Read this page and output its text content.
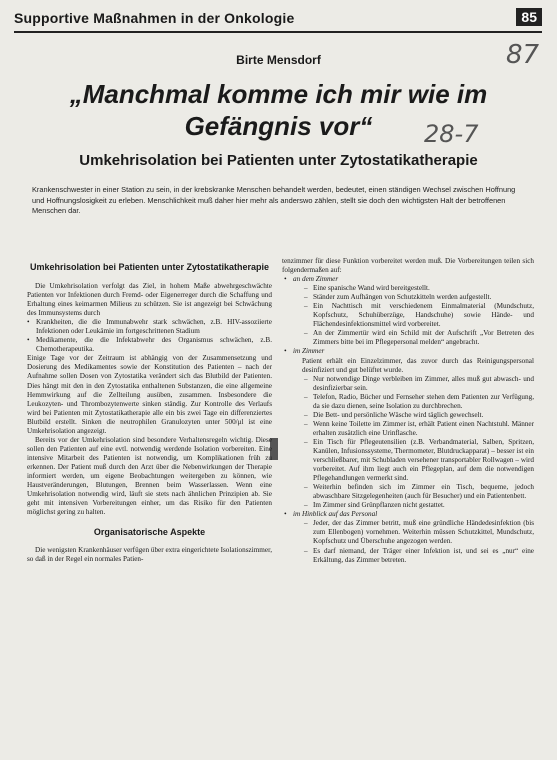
Supportive Maßnahmen in der Onkologie	85
87
28-7
Birte Mensdorf
„Manchmal komme ich mir wie im
Gefängnis vor“
Umkehrisolation bei Patienten unter Zytostatikatherapie
Krankenschwester in einer Station zu sein, in der krebskranke Menschen behandelt werden, bedeutet, einen ständigen Wechsel zwischen Hoffnung und Hoffnungslosigkeit zu erleben. Menschlichkeit muß daher hier mehr als anderswo zählen, stellt sie doch den wichtigsten Halt der betroffenen Menschen dar.
Umkehrisolation bei Patienten unter Zytostatikatherapie

Die Umkehrisolation verfolgt das Ziel, in hohem Maße abwehrgeschwächte Patienten vor Infektionen durch Fremd- oder Eigenerreger durch die Schaffung und Erhaltung eines keimarmen Milieus zu schützen. Sie ist angezeigt bei Schwächung des Immunsystems durch

• Krankheiten, die die Immunabwehr stark schwächen, z.B. HIV-assoziierte Infektionen oder Leukämie im fortgeschrittenen Stadium
• Medikamente, die die Infektabwehr des Organismus schwächen, z.B. Chemotherapeutika.

Einige Tage vor der Zeitraum ist abhängig von der Zusammensetzung und Dosierung des Medikamentes sowie der Konstitution des Patienten – nach der Aufnahme sollen Dosen von Zytostatika verändert sich das Blutbild der Patienten. Dies hängt mit den in den Zytostatika enthaltenen Substanzen, die eine allgemeine Hemmwirkung auf die Zellteilung ausüben, zusammen. Insbesondere die Leukozyten- und Thrombozytenwerte sinken ständig. Zur Kontrolle des Verlaufs wird bei Patienten mit Zytostatikatherapie alle ein bis zwei Tage ein differenziertes Blutbild erstellt. Sinken die neutrophilen Granulozyten unter 500/μl ist eine Umkehrisolation angezeigt.

Bereits vor der Umkehrisolation sind besondere Verhaltensregeln wichtig. Diese sollen den Patienten auf eine evtl. notwendig werdende Isolation vorbereiten. Eine intensive Mitarbeit des Patienten ist notwendig, um Komplikationen früh zu erkennen. Der Patient muß durch den Arzt über die Nebenwirkungen der Therapie informiert werden, um eigene Beobachtungen weitergeben zu können, wie Haustveränderungen, Blutungen, Brennen beim Wasserlassen. Wenn eine Umkehrisolation notwendig wird, läuft sie stets nach ähnlichen Prinzipien ab. Sie geht mit intensiven Vorbereitungen einher, um das Risiko für den Patienten möglichst gering zu halten.

Organisatorische Aspekte

Die wenigsten Krankenhäuser verfügen über extra eingerichtete Isolationszimmer, so daß in der Regel ein normales Patien-

tenzimmer für diese Funktion vorbereitet werden muß. Die Vorbereitungen teilen sich folgendermaßen auf:

• an dem Zimmer
– Eine spanische Wand wird bereitgestellt.
– Ständer zum Aufhängen von Schutzkitteln werden aufgestellt.
– Ein Nachttisch mit verschiedenem Einmalmaterial (Mundschutz, Kopfschutz, Schuhüberzüge, Handschuhe) sowie Hände- und Flächendesinfektionsmittel wird vorbereitet.
– An der Zimmertür wird ein Schild mit der Aufschrift „Vor Betreten des Zimmers bitte bei im Pflegepersonal melden“ angebracht.
• im Zimmer

Patient erhält ein Einzelzimmer, das zuvor durch das Reinigungspersonal desinfiziert und gut belüftet wurde.

– Nur notwendige Dinge verbleiben im Zimmer, alles muß gut abwasch- und desinfizierbar sein.
– Telefon, Radio, Bücher und Fernseher stehen dem Patienten zur Verfügung, da sie dazu dienen, seine Isolation zu durchbrechen.
– Die Bett- und persönliche Wäsche wird täglich gewechselt.
– Wenn keine Toilette im Zimmer ist, erhält Patient einen Nachtstuhl. Männer erhalten zusätzlich eine Urinflasche.
– Ein Tisch für Pflegeutensilien (z.B. Verbandmaterial, Salben, Spritzen, Kanülen, Infusionssysteme, Thermometer, Blutdruckapparat) – besser ist ein verschließbarer, mit Schubladen versehener transportabler Rollwagen – wird vorbereitet. Auf ihm liegt auch ein Pflegeplan, auf dem die notwendigen Pflegehandlungen vermerkt sind.
– Weiterhin befinden sich im Zimmer ein Tisch, bequeme, jedoch abwaschbare Sitzgelegenheiten (auch für Besucher) und ein Patientenbett.
– Im Zimmer sind Grünpflanzen nicht gestattet.
• im Hinblick auf das Personal
– Jeder, der das Zimmer betritt, muß eine gründliche Händedesinfektion (bis zum Ellenbogen) vornehmen. Weiterhin müssen Schutzkittel, Mundschutz, Kopfschutz und Überschuhe angezogen werden.
– Es darf niemand, der Träger einer Infektion ist, und sei es „nur“ eine Erkältung, das Zimmer betreten.
